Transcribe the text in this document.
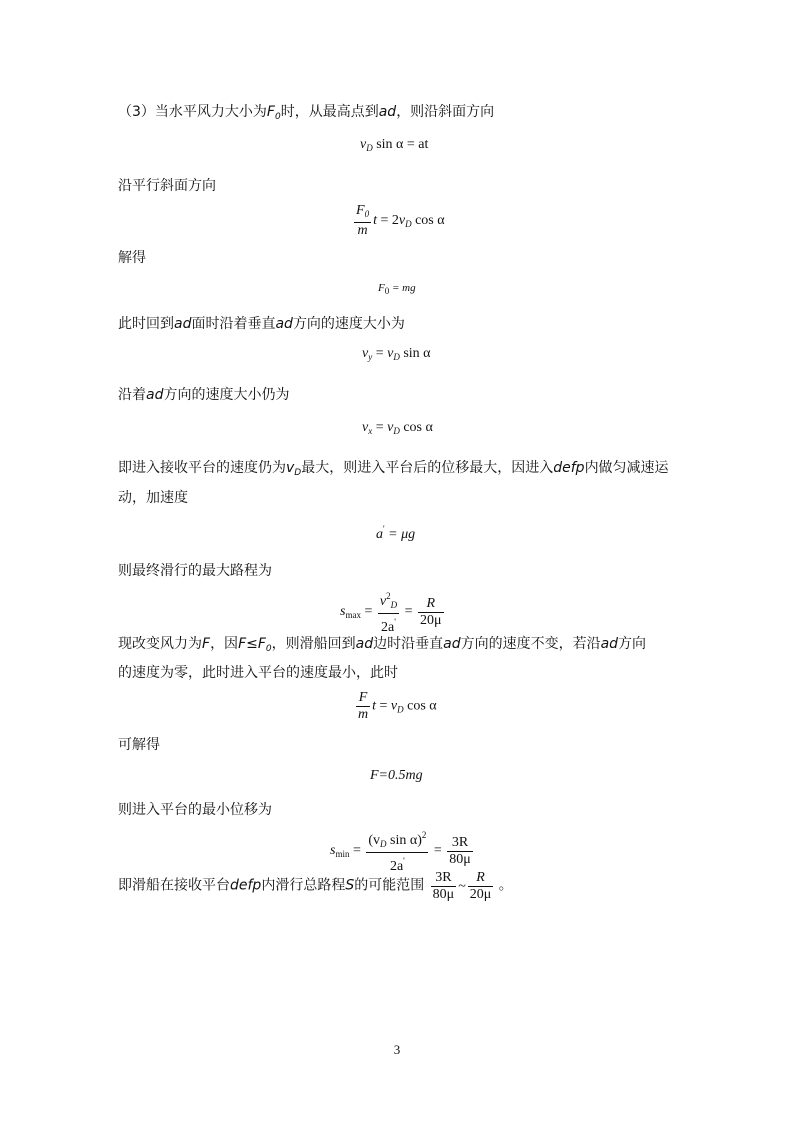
（3）当水平风力大小为$F_0$时，从最高点到ad，则沿斜面方向
$v_D$ sin α = at
沿平行斜面方向
$\frac{F_0}{m}$ $t = 2v_D$ cos α
解得
$F_0$ = mg
此时回到ad面时沿着垂直ad方向的速度大小为
$v_y = v_D$ sin α
沿着ad方向的速度大小仍为
$v_x = v_D$ cos α
即进入接收平台的速度仍为$v_D$最大，则进入平台后的位移最大，因进入defp内做匀减速运
动，加速度
a' = μg
则最终滑行的最大路程为
$s_{max} = \frac{v^2_D}{2a'} = \frac{R}{20\mu}$
现改变风力为F，因$F\le F_0$，则滑船回到ad边时沿垂直ad方向的速度不变，若沿ad方向
的速度为零，此时进入平台的速度最小，此时
$\frac{F}{m}$ $t = v_D$ cos α
可解得
F=0.5mg
则进入平台的最小位移为
$s_{min} = \frac{(v_D \sin \alpha)^2}{2a'} = \frac{3R}{80\mu}$
即滑船在接收平台defp内滑行总路程S的可能范围 $\frac{3R}{80\mu}$ ~ $\frac{R}{20\mu}$ 。
3
